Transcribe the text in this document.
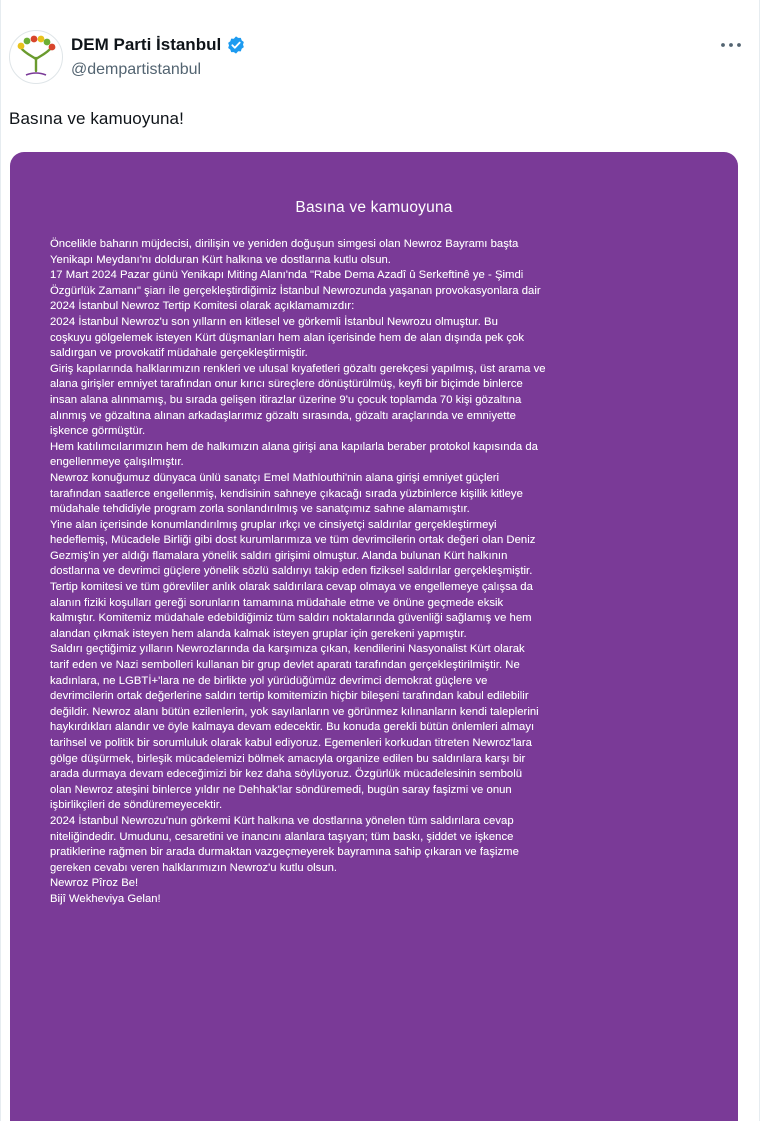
DEM Parti İstanbul
@dempartistanbul
Basına ve kamuoyuna!
Basına ve kamuoyuna

Öncelikle baharın müjdecisi, dirilişin ve yeniden doğuşun simgesi olan Newroz Bayramı başta

Yenikapı Meydanı'nı dolduran Kürt halkına ve dostlarına kutlu olsun.

17 Mart 2024 Pazar günü Yenikapı Miting Alanı'nda "Rabe Dema Azadî û Serkeftinê ye - Şimdi

Özgürlük Zamanı" şiarı ile gerçekleştirdiğimiz İstanbul Newrozunda yaşanan provokasyonlara dair

2024 İstanbul Newroz Tertip Komitesi olarak açıklamamızdır:

2024 İstanbul Newroz'u son yılların en kitlesel ve görkemli İstanbul Newrozu olmuştur. Bu

coşkuyu gölgelemek isteyen Kürt düşmanları hem alan içerisinde hem de alan dışında pek çok

saldırgan ve provokatif müdahale gerçekleştirmiştir.

Giriş kapılarında halklarımızın renkleri ve ulusal kıyafetleri gözaltı gerekçesi yapılmış, üst arama ve

alana girişler emniyet tarafından onur kırıcı süreçlere dönüştürülmüş, keyfi bir biçimde binlerce

insan alana alınmamış, bu sırada gelişen itirazlar üzerine 9'u çocuk toplamda 70 kişi gözaltına

alınmış ve gözaltına alınan arkadaşlarımız gözaltı sırasında, gözaltı araçlarında ve emniyette

işkence görmüştür.

Hem katılımcılarımızın hem de halkımızın alana girişi ana kapılarla beraber protokol kapısında da

engellenmeye çalışılmıştır.

Newroz konuğumuz dünyaca ünlü sanatçı Emel Mathlouthi'nin alana girişi emniyet güçleri

tarafından saatlerce engellenmiş, kendisinin sahneye çıkacağı sırada yüzbinlerce kişilik kitleye

müdahale tehdidiyle program zorla sonlandırılmış ve sanatçımız sahne alamamıştır.

Yine alan içerisinde konumlandırılmış gruplar ırkçı ve cinsiyetçi saldırılar gerçekleştirmeyi

hedeflemiş, Mücadele Birliği gibi dost kurumlarımıza ve tüm devrimcilerin ortak değeri olan Deniz

Gezmiş'in yer aldığı flamalara yönelik saldırı girişimi olmuştur. Alanda bulunan Kürt halkının

dostlarına ve devrimci güçlere yönelik sözlü saldırıyı takip eden fiziksel saldırılar gerçekleşmiştir.

Tertip komitesi ve tüm görevliler anlık olarak saldırılara cevap olmaya ve engellemeye çalışsa da

alanın fiziki koşulları gereği sorunların tamamına müdahale etme ve önüne geçmede eksik

kalmıştır. Komitemiz müdahale edebildiğimiz tüm saldırı noktalarında güvenliği sağlamış ve hem

alandan çıkmak isteyen hem alanda kalmak isteyen gruplar için gerekeni yapmıştır.

Saldırı geçtiğimiz yılların Newrozlarında da karşımıza çıkan, kendilerini Nasyonalist Kürt olarak

tarif eden ve Nazi sembolleri kullanan bir grup devlet aparatı tarafından gerçekleştirilmiştir. Ne

kadınlara, ne LGBTİ+'lara ne de birlikte yol yürüdüğümüz devrimci demokrat güçlere ve

devrimcilerin ortak değerlerine saldırı tertip komitemizin hiçbir bileşeni tarafından kabul edilebilir

değildir. Newroz alanı bütün ezilenlerin, yok sayılanların ve görünmez kılınanların kendi taleplerini

haykırdıkları alandır ve öyle kalmaya devam edecektir. Bu konuda gerekli bütün önlemleri almayı

tarihsel ve politik bir sorumluluk olarak kabul ediyoruz. Egemenleri korkudan titreten Newroz'lara

gölge düşürmek, birleşik mücadelemizi bölmek amacıyla organize edilen bu saldırılara karşı bir

arada durmaya devam edeceğimizi bir kez daha söylüyoruz. Özgürlük mücadelesinin sembolü

olan Newroz ateşini binlerce yıldır ne Dehhak'lar söndüremedi, bugün saray faşizmi ve onun

işbirlikçileri de söndüremeyecektir.

2024 İstanbul Newrozu'nun görkemi Kürt halkına ve dostlarına yönelen tüm saldırılara cevap

niteliğindedir. Umudunu, cesaretini ve inancını alanlara taşıyan; tüm baskı, şiddet ve işkence

pratiklerine rağmen bir arada durmaktan vazgeçmeyerek bayramına sahip çıkaran ve faşizme

gereken cevabı veren halklarımızın Newroz'u kutlu olsun.

Newroz Pîroz Be!

Bijî Wekheviya Gelan!
